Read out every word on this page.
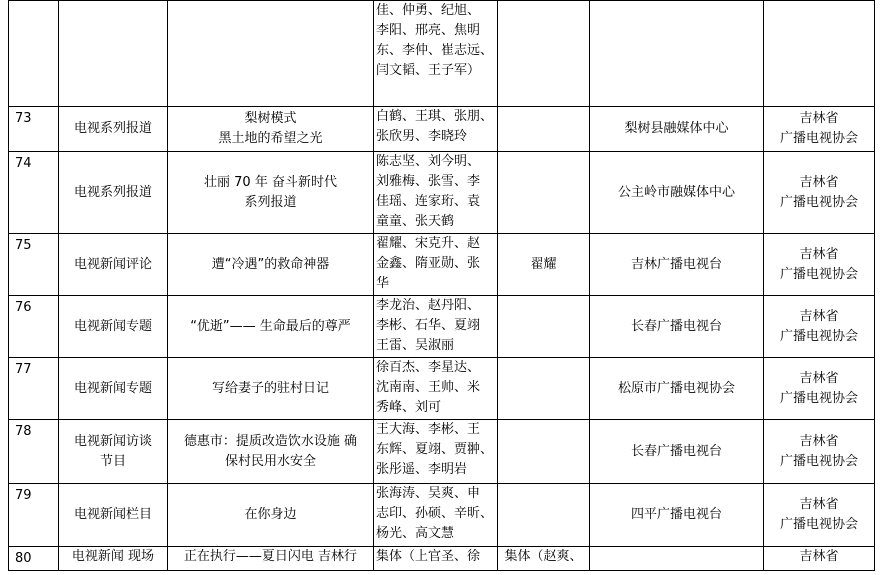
			佳、仲勇、纪旭、
李阳、邢亮、焦明
东、李仲、崔志远、
闫文韬、王子军）			

73	电视系列报道	梨树模式
黑土地的希望之光	白鹤、王琪、张朋、
张欣男、李晓玲		梨树县融媒体中心	吉林省
广播电视协会

74	电视系列报道	壮丽 70 年 奋斗新时代
系列报道	陈志坚、刘今明、
刘雅梅、张雪、李
佳瑶、连家珩、袁
童童、张天鹤		公主岭市融媒体中心	吉林省
广播电视协会

75	电视新闻评论	遭“冷遇”的救命神器	翟耀、宋克升、赵
金鑫、隋亚勋、张
华	翟耀	吉林广播电视台	吉林省
广播电视协会

76	电视新闻专题	“优逝”—— 生命最后的尊严	李龙治、赵丹阳、
李彬、石华、夏翊
王雷、吴淑丽		长春广播电视台	吉林省
广播电视协会

77	电视新闻专题	写给妻子的驻村日记	徐百杰、李星达、
沈南南、王帅、米
秀峰、刘可		松原市广播电视协会	吉林省
广播电视协会

78	电视新闻访谈
节目	德惠市：提质改造饮水设施 确
保村民用水安全	王大海、李彬、王
东辉、夏翊、贾翀、
张彤遥、李明岩		长春广播电视台	吉林省
广播电视协会

79	电视新闻栏目	在你身边	张海涛、吴爽、申
志印、孙硕、辛昕、
杨光、高文慧		四平广播电视台	吉林省
广播电视协会

80	电视新闻 现场	正在执行——夏日闪电 吉林行	集体（上官圣、徐	集体（赵爽、		吉林省
